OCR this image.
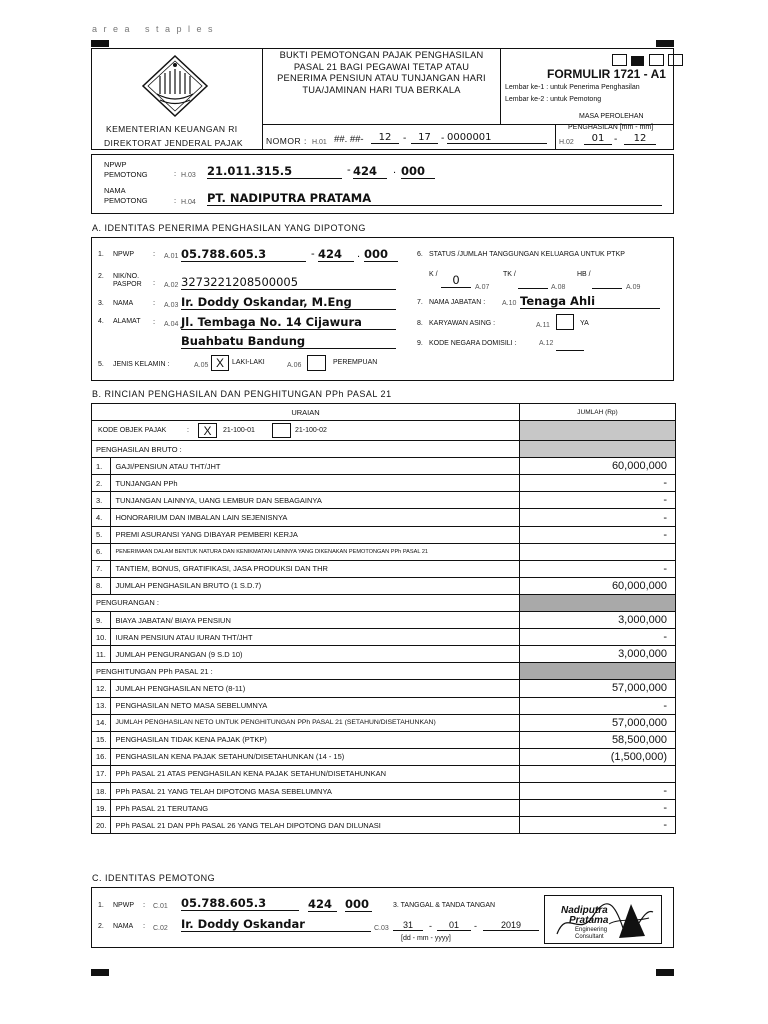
a r e a   s t a p l e s
KEMENTERIAN KEUANGAN RI
DIREKTORAT JENDERAL PAJAK
BUKTI PEMOTONGAN PAJAK PENGHASILAN
PASAL 21 BAGI PEGAWAI TETAP ATAU
PENERIMA PENSIUN ATAU TUNJANGAN HARI
TUA/JAMINAN HARI TUA BERKALA

FORMULIR 1721 - A1
Lembar ke-1 : untuk Penerima Penghasilan
Lembar ke-2 : untuk Pemotong
MASA PEROLEHAN
PENGHASILAN [mm - mm]
NOMOR : H.01 ##. ##-	12	-	17	- 0000001	H.02	01 -	12
NPWP
PEMOTONG	: H.03 21.011.315.5	- 424	. 000
NAMA
PEMOTONG	: H.04 PT. NADIPUTRA PRATAMA
A. IDENTITAS PENERIMA PENGHASILAN YANG DIPOTONG
1. NPWP	: A.01 05.788.605.3	- 424	. 000
2. NIK/NO.
PASPOR : A.02 3273221208500005
3. NAMA	: A.03 Ir. Doddy Oskandar, M.Eng
4. ALAMAT : A.04 Jl. Tembaga No. 14 Cijawura
Buahbatu Bandung
5. JENIS KELAMIN :	A.05 X	LAKI-LAKI	A.06	PEREMPUAN
6. STATUS /JUMLAH TANGGUNGAN KELUARGA UNTUK PTKP
K /	0
A.07
TK /
A.08
HB /
A.09
7. NAMA JABATAN : A.10 Tenaga Ahli
8. KARYAWAN ASING :	A.11	YA
9. KODE NEGARA DOMISILI :	A.12
B. RINCIAN PENGHASILAN DAN PENGHITUNGAN PPh PASAL 21
URAIAN		JUMLAH (Rp)

KODE OBJEK PAJAK : X 21-100-01 21-100-02		

PENGHASILAN BRUTO :		
1.	GAJI/PENSIUN ATAU THT/JHT	60,000,000
2.	TUNJANGAN PPh	-
3.	TUNJANGAN LAINNYA, UANG LEMBUR DAN SEBAGAINYA	-
4.	HONORARIUM DAN IMBALAN LAIN SEJENISNYA	-
5.	PREMI ASURANSI YANG DIBAYAR PEMBERI KERJA	-
6.	PENERIMAAN DALAM BENTUK NATURA DAN KENIKMATAN LAINNYA YANG DIKENAKAN PEMOTONGAN PPh PASAL 21	
7.	TANTIEM, BONUS, GRATIFIKASI, JASA PRODUKSI DAN THR	-
8.	JUMLAH PENGHASILAN BRUTO (1 S.D.7)	60,000,000
PENGURANGAN :		
9.	BIAYA JABATAN/ BIAYA PENSIUN	3,000,000
10.	IURAN PENSIUN ATAU IURAN THT/JHT	-
11.	JUMLAH PENGURANGAN (9 S.D 10)	3,000,000
PENGHITUNGAN PPh PASAL 21 :		
12.	JUMLAH PENGHASILAN NETO (8-11)	57,000,000
13.	PENGHASILAN NETO MASA SEBELUMNYA	-
14.	JUMLAH PENGHASILAN NETO UNTUK PENGHITUNGAN PPh PASAL 21 (SETAHUN/DISETAHUNKAN)	57,000,000
15.	PENGHASILAN TIDAK KENA PAJAK (PTKP)	58,500,000
16.	PENGHASILAN KENA PAJAK SETAHUN/DISETAHUNKAN (14 - 15)	(1,500,000)
17.	PPh PASAL 21 ATAS PENGHASILAN KENA PAJAK SETAHUN/DISETAHUNKAN	
18.	PPh PASAL 21 YANG TELAH DIPOTONG MASA SEBELUMNYA	-
19.	PPh PASAL 21 TERUTANG	-
20.	PPh PASAL 21 DAN PPh PASAL 26 YANG TELAH DIPOTONG DAN DILUNASI	-
C. IDENTITAS PEMOTONG
1. NPWP : C.01 05.788.605.3	424	000
2. NAMA : C.02 Ir. Doddy Oskandar
3. TANGGAL & TANDA TANGAN
C.03	31	-	01	-	2019
[dd - mm - yyyy]
Nadiputra
Pratama
Engineering
Consultant
